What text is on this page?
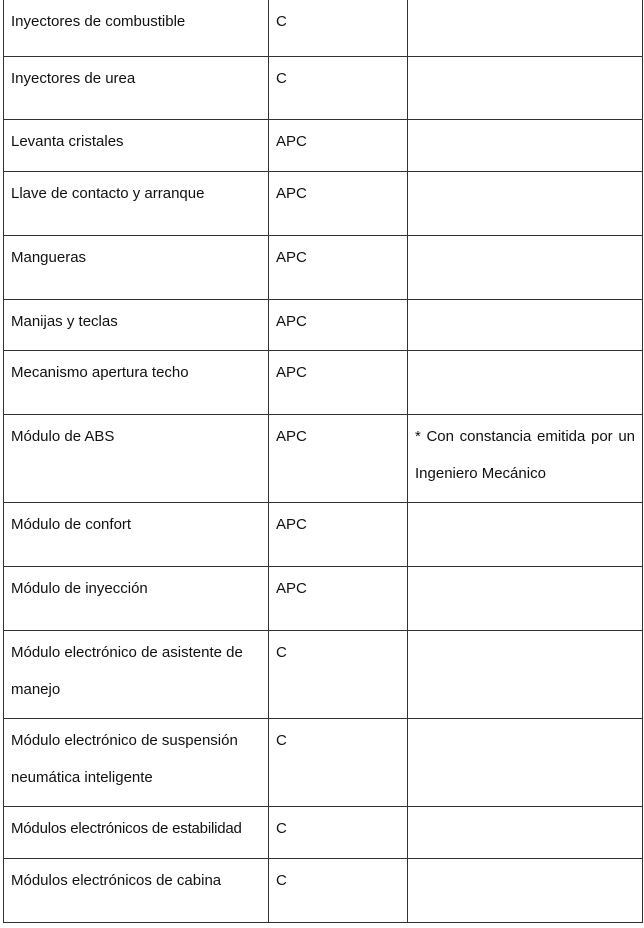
Inyectores de combustible	C	
Inyectores de urea	C	
Levanta cristales	APC	
Llave de contacto y arranque	APC	
Mangueras	APC	
Manijas y teclas	APC	
Mecanismo apertura techo	APC	
Módulo de ABS	APC	* Con constancia emitida por un Ingeniero Mecánico
Módulo de confort	APC	
Módulo de inyección	APC	
Módulo electrónico de asistente de manejo	C	
Módulo electrónico de suspensión neumática inteligente	C	
Módulos electrónicos de estabilidad	C	
Módulos electrónicos de cabina	C	
